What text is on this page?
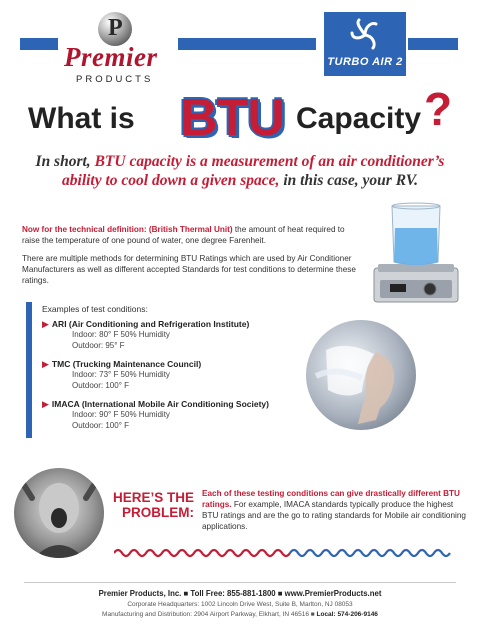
P
Premier
PRODUCTS
TURBO AIR 2
What is BTU Capacity ?

In short, BTU capacity is a measurement of an air conditioner’s ability to cool down a given space, in this case, your RV.

Now for the technical definition: (British Thermal Unit) the amount of heat required to raise the temperature of one pound of water, one degree Farenheit.

There are multiple methods for determining BTU Ratings which are used by Air Conditioner Manufacturers as well as different accepted Standards for test conditions to determine these ratings.

Examples of test conditions:
▶ ARI (Air Conditioning and Refrigeration Institute)
Indoor: 80° F 50% Humidity
Outdoor: 95° F
▶ TMC (Trucking Maintenance Council)
Indoor: 73° F 50% Humidity
Outdoor: 100° F
▶ IMACA (International Mobile Air Conditioning Society)
Indoor: 90° F 50% Humidity
Outdoor: 100° F
HERE’S THE
PROBLEM:

Each of these testing conditions can give drastically different BTU ratings. For example, IMACA standards typically produce the highest BTU ratings and are the go to rating standards for Mobile air conditioning applications.

Premier Products, Inc. ■ Toll Free: 855-881-1800 ■ www.PremierProducts.net
Corporate Headquarters: 1002 Lincoln Drive West, Suite B, Marlton, NJ 08053
Manufacturing and Distribution: 2904 Airport Parkway, Elkhart, IN 46516 ■ Local: 574-206-9146
